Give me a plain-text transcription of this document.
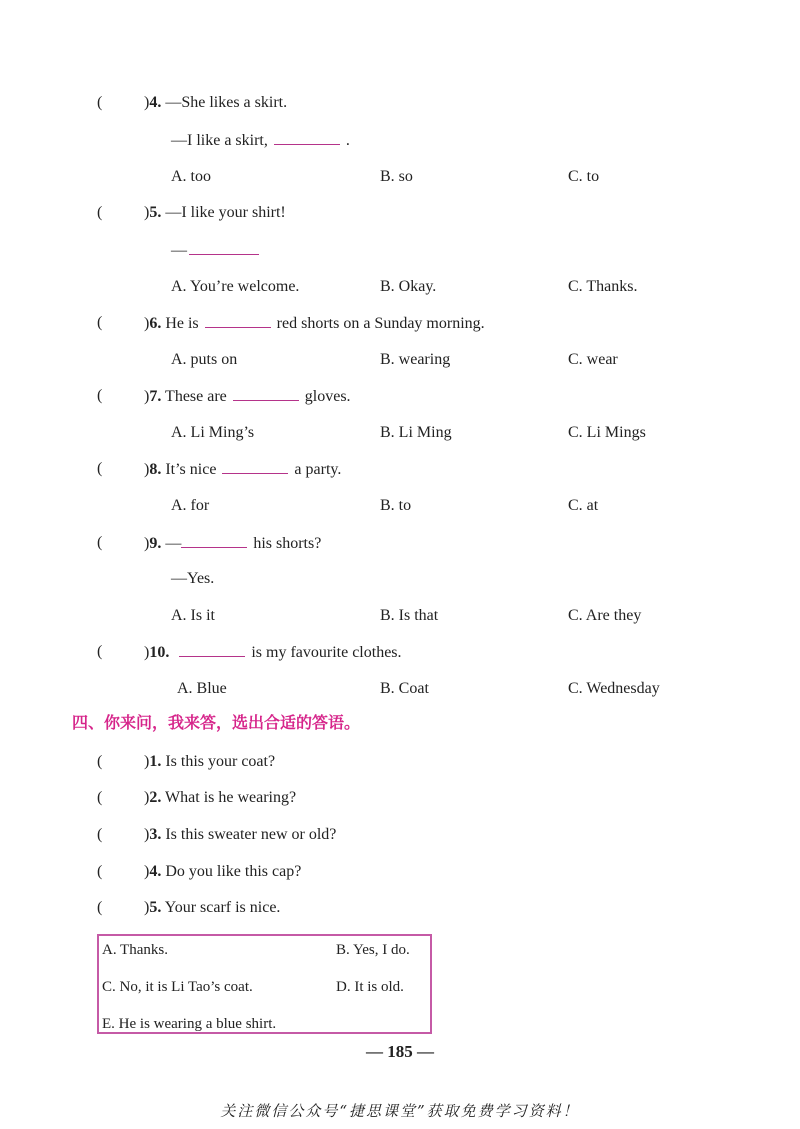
(	)4. —She likes a skirt.
—I like a skirt,	.
A. too	B. so	C. to
(	)5. —I like your shirt!
—
A. You’re welcome.	B. Okay.	C. Thanks.
(	)6. He is	red shorts on a Sunday morning.
A. puts on	B. wearing	C. wear
(	)7. These are	gloves.
A. Li Ming’s	B. Li Ming	C. Li Mings
(	)8. It’s nice	a party.
A. for	B. to	C. at
(	)9. —	his shorts?
—Yes.
A. Is it	B. Is that	C. Are they
(	)10.	is my favourite clothes.
A. Blue	B. Coat	C. Wednesday
四、你来问，我来答，选出合适的答语。
(	)1. Is this your coat?
(	)2. What is he wearing?
(	)3. Is this sweater new or old?
(	)4. Do you like this cap?
(	)5. Your scarf is nice.
A. Thanks.	B. Yes, I do.
C. No, it is Li Tao’s coat.	D. It is old.
E. He is wearing a blue shirt.
— 185 —
关注微信公众号“捷思课堂”获取免费学习资料！
